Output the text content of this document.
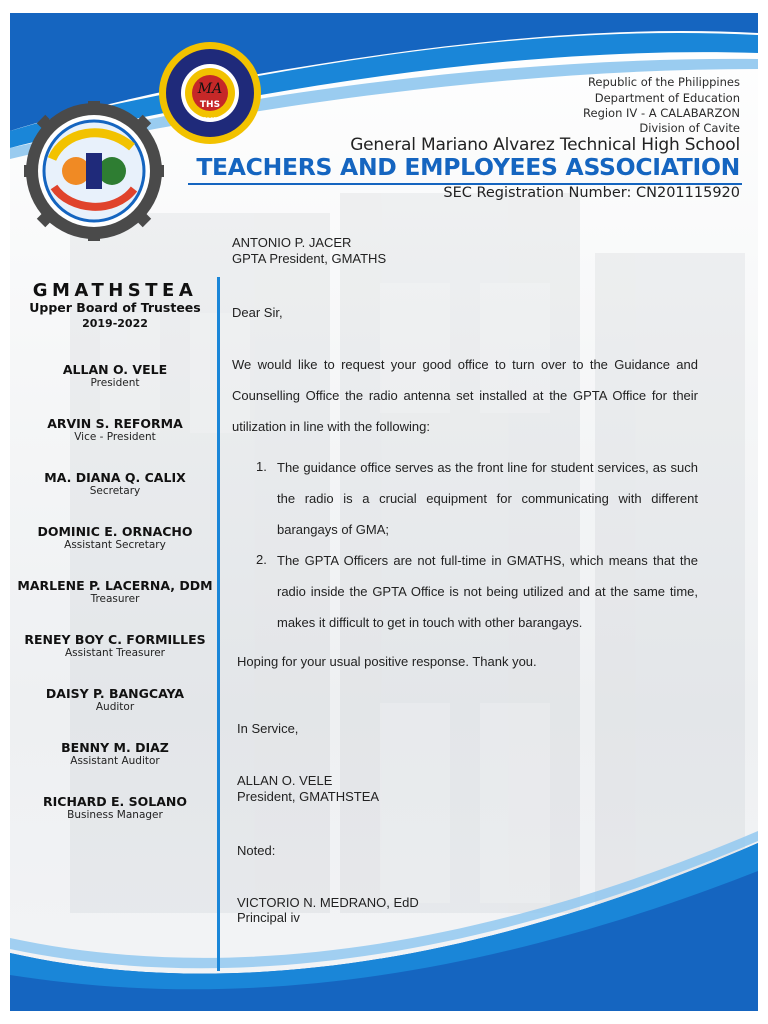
MA
THS
1969
Republic of the Philippines
Department of Education
Region IV - A CALABARZON
Division of Cavite
General Mariano Alvarez Technical High School
TEACHERS AND EMPLOYEES ASSOCIATION
SEC Registration Number: CN201115920
GMATHSTEA
Upper Board of Trustees
2019-2022
ALLAN O. VELE
President
ARVIN S. REFORMA
Vice - President
MA. DIANA Q. CALIX
Secretary
DOMINIC E. ORNACHO
Assistant Secretary
MARLENE P. LACERNA, DDM
Treasurer
RENEY BOY C. FORMILLES
Assistant Treasurer
DAISY P. BANGCAYA
Auditor
BENNY M. DIAZ
Assistant Auditor
RICHARD E. SOLANO
Business Manager
ANTONIO P. JACER
GPTA President, GMATHS
Dear Sir,
We would like to request your good office to turn over to the Guidance and Counselling Office the radio antenna set installed at the GPTA Office for their utilization in line with the following:
1. The guidance office serves as the front line for student services, as such the radio is a crucial equipment for communicating with different barangays of GMA;
2. The GPTA Officers are not full-time in GMATHS, which means that the radio inside the GPTA Office is not being utilized and at the same time, makes it difficult to get in touch with other barangays.
Hoping for your usual positive response. Thank you.
In Service,
ALLAN O. VELE
President, GMATHSTEA
Noted:
VICTORIO N. MEDRANO, EdD
Principal iv
